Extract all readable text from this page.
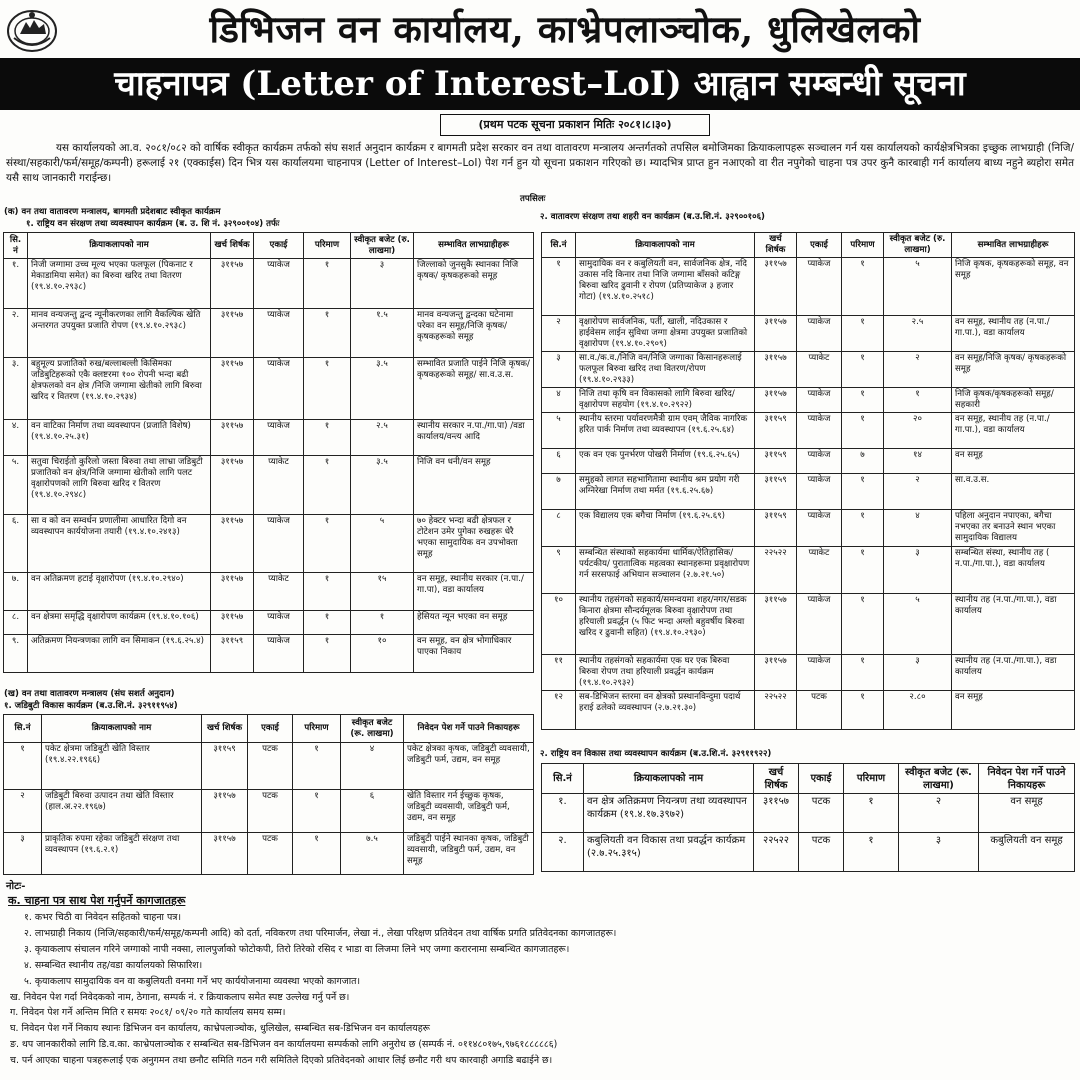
डिभिजन वन कार्यालय, काभ्रेपलाञ्चोक, धुलिखेलको
चाहनापत्र (Letter of Interest–LoI) आह्वान सम्बन्धी सूचना
(प्रथम पटक सूचना प्रकाशन मितिः २०८१।८।३०)
यस कार्यालयको आ.व. २०८१/०८२ को वार्षिक स्वीकृत कार्यक्रम तर्फको संघ सशर्त अनुदान कार्यक्रम र बागमती प्रदेश सरकार वन तथा वातावरण मन्त्रालय अन्तर्गतको तपसिल बमोजिमका क्रियाकलापहरू सञ्चालन गर्न यस कार्यालयको कार्यक्षेत्रभित्रका इच्छुक लाभग्राही (निजि/संस्था/सहकारी/फर्म/समूह/कम्पनी) हरूलाई २१ (एक्काईस) दिन भित्र यस कार्यालयमा चाहनापत्र (Letter of Interest–LoI) पेश गर्न हुन यो सूचना प्रकाशन गरिएको छ। म्यादभित्र प्राप्त हुन नआएको वा रीत नपुगेको चाहना पत्र उपर कुनै कारबाही गर्न कार्यालय बाध्य नहुने ब्यहोरा समेत यसै साथ जानकारी गराईन्छ।
तपसिलः
(क) वन तथा वातावरण मन्त्रालय, बागमती प्रदेशबाट स्वीकृत कार्यक्रम
१. राष्ट्रिय वन संरक्षण तथा व्यवस्थापन कार्यक्रम (ब. उ. शि नं. ३२९००१०४) तर्फः
सि. नं	क्रियाकलापको नाम	खर्च शिर्षक	एकाई	परिमाण	स्वीकृत बजेट (रु. लाखमा)	सम्भावित लाभग्राहीहरू
१.	निजी जग्गामा उच्च मूल्य भएका फलफूल (पिकनाट र मेकाडामिया समेत) का बिरुवा खरिद तथा वितरण (१९.४.१०.२९३८)	३११५७	प्याकेज	१	३	जिल्लाको जुनसुकै स्थानका निजि कृषक/ कृषकहरूको समूह
२.	मानव वन्यजन्तु द्वन्द न्यूनीकरणका लागि वैकल्पिक खेति अन्तरगत उपयुक्त प्रजाति रोपण (१९.४.१०.२९३८)	३११५७	प्याकेज	१	१.५	मानव वन्यजन्तु द्वन्दका घटेनामा परेका वन समूह/निजि कृषक/ कृषकहरूको समूह
३.	बहुमूल्य प्रजातिको रुख/बल्लाबल्ली किसिमका जडिबुटिहरूको एकै क्लष्टरमा १०० रोपनी भन्दा बढी क्षेत्रफलको वन क्षेत्र /निजि जग्गामा खेतीको लागि बिरुवा खरिद र वितरण (१९.४.१०.२९३४)	३११५७	प्याकेज	१	३.५	सम्भावित प्रजाति पाईने निजि कृषक/ कृषकहरूको समूह/ सा.व.उ.स.
४.	वन वाटिका निर्माण तथा व्यवस्थापन (प्रजाति विशेष) (१९.४.१०.२५.३१)	३११५७	प्याकेज	१	२.५	स्थानीय सरकार न.पा./गा.पा) /वडा कार्यालय/वन्त्य आदि
५.	सतुवा चिराईतो कुरिलो जस्ता बिरुवा तथा लाभ्रा जडिबुटी प्रजातिको वन क्षेत्र/निजि जग्गामा खेतीको लागि पलट वृक्षारोपणको लागि बिरुवा खरिद र वितरण (१९.४.१०.२९४८)	३११५७	प्याकेट	१	३.५	निजि वन धनी/वन समूह
६.	सा व को वन सम्वर्धन प्रणालीमा आधारित दिगो वन व्यवस्थापन कार्ययोजना तयारी (१९.४.१०.२४१३)	३११५७	प्याकेज	१	५	७० हेक्टर भन्दा बढी क्षेत्रफल र टोटेशन उमेर पुगेका रुखहरू धेरै भएका सामुदायिक वन उपभोक्ता समूह
७.	वन अतिक्रमण हटाई वृक्षारोपण (१९.४.१०.२९४०)	३११५७	प्याकेट	१	१५	वन समूह, स्थानीय सरकार (न.पा./गा.पा), वडा कार्यालय
८.	वन क्षेत्रमा समृद्धि वृक्षारोपण कार्यक्रम (१९.४.१०.१०६)	३११५७	प्याकेज	१	१	हेसियत न्यून भएका वन समूह
९.	अतिक्रमण नियन्त्रणका लागि वन सिमाकन (१९.६.२५.४)	३११५९	प्याकेज	१	१०	वन समूह, वन क्षेत्र भोगाधिकार पाएका निकाय
(ख) वन तथा वातावरण मन्त्रालय (संघ सशर्त अनुदान)
१. जडिबुटी विकास कार्यक्रम (ब.उ.शि.नं. ३२९११९५४)
सि.नं	क्रियाकलापको नाम	खर्च शिर्षक	एकाई	परिमाण	स्वीकृत बजेट (रू. लाखमा)	निवेदन पेश गर्ने पाउने निकायहरू
१	पकेट क्षेत्रमा जडिबुटी खेति विस्तार (१९.४.२२.१९६६)	३११५९	पटक	१	४	पकेट क्षेत्रका कृषक, जडिबुटी व्यवसायी, जडिबुटी फर्म, उद्यम, वन समूह
२	जडिबुटी बिरुवा उत्पादन तथा खेति विस्तार (हाल.अ.२२.१९६७)	३११५७	पटक	१	६	खेति विस्तार गर्न ईच्छुक कृषक, जडिबुटी व्यवसायी, जडिबुटी फर्म, उद्यम, वन समूह
३	प्राकृतिक रुपमा रहेका जडिबुटी संरक्षण तथा व्यवस्थापन (१९.६.२.१)	३११५७	पटक	१	७.५	जडिबुटी पाईने स्थानका कृषक, जडिबुटी व्यवसायी, जडिबुटी फर्म, उद्यम, वन समूह
२. वातावरण संरक्षण तथा शहरी वन कार्यक्रम (ब.उ.शि.नं. ३२९००१०६)
सि.नं	क्रियाकलापको नाम	खर्च शिर्षक	एकाई	परिमाण	स्वीकृत बजेट (रु. लाखमा)	सम्भावित लाभग्राहीहरू
१	सामुदायिक वन र कबुलियती वन, सार्वजनिक क्षेत्र, नदि उकास नदि किनार तथा निजि जग्गामा बाँसको कटिङ्ग बिरुवा खरिद ढुवानी र रोपण (प्रतिप्याकेज ३ हजार गोटा) (१९.४.१०.२५१८)	३११५७	प्याकेज	१	५	निजि कृषक, कृषकहरूको समूह, वन समूह
२	वृक्षारोपण सार्वजनिक, पर्ती, खाली, नदिउकास र हाईवेसम लाईन सुविधा जग्गा क्षेत्रमा उपयुक्त प्रजातिको वृक्षारोपण (१९.४.१०.२९०९)	३११५७	प्याकेज	१	२.५	वन समूह, स्थानीय तह (न.पा./गा.पा.), वडा कार्यालय
३	सा.व./क.व./निजि वन/निजि जग्गाका किसानहरूलाई फलफूल बिरुवा खरिद तथा वितरण/रोपण (१९.४.१०.२९३३)	३११५७	प्याकेट	१	२	वन समूह/निजि कृषक/ कृषकहरूको समूह
४	निजि तथा कृषि वन विकासको लागि बिरुवा खरिद/वृक्षारोपण सहयोग (१९.४.१०.२९२२)	३११५७	प्याकेज	१	१	निजि कृषक/कृषकहरूको समूह/सहकारी
५	स्थानीय स्तरमा पर्यावरणमैत्री ग्राम एवम् जैविक नागरिक हरित पार्क निर्माण तथा व्यवस्थापन (१९.६.२५.६४)	३११५९	प्याकेज	१	२०	वन समूह, स्थानीय तह (न.पा./गा.पा.), वडा कार्यालय
६	एक वन एक पुनर्भरण पोखरी निर्माण (१९.६.२५.६५)	३११५९	प्याकेज	७	१४	वन समूह
७	समुहको लागत सहभागितामा स्थानीय श्रम प्रयोग गरी अग्निरेखा निर्माण तथा मर्मत (१९.६.२५.६७)	३११५९	प्याकेज	१	२	सा.व.उ.स.
८	एक विद्यालय एक बगैचा निर्माण (१९.६.२५.६९)	३११५९	प्याकेज	१	४	पहिला अनुदान नपाएका, बगैचा नभएका तर बनाउने स्थान भएका सामुदायिक विद्यालय
९	सम्बन्धित संस्थाको सहकार्यमा धार्मिक/ऐतिहासिक/पर्यटकीय/ पुरातात्विक महत्वका स्थानहरूमा प्रवृक्षारोपण गर्न सरसफाई अभियान सञ्चालन (२.७.२१.५०)	२२५२२	प्याकेट	१	३	सम्बन्धित संस्था, स्थानीय तह ( न.पा./गा.पा.), वडा कार्यालय
१०	स्थानीय तहसंगको सहकार्य/समन्वयमा शहर/नगर/सडक किनारा क्षेत्रमा सौन्दर्यमूलक बिरुवा वृक्षारोपण तथा हरियाली प्रवर्द्धन (५ फिट भन्दा अग्लो बहुवर्षीय बिरुवा खरिद र ढुवानी सहित) (१९.४.१०.२९३०)	३११५७	प्याकेज	१	५	स्थानीय तह (न.पा./गा.पा.), वडा कार्यालय
११	स्थानीय तहसंगको सहकार्यमा एक घर एक बिरुवा बिरुवा रोपण तथा हरियाली प्रवर्द्धन कार्यक्रम (१९.४.१०.२९३२)	३११५७	प्याकेज	१	३	स्थानीय तह (न.पा./गा.पा.), वडा कार्यालय
१२	सब-डिभिजन स्तरमा वन क्षेत्रको प्रस्थानविन्दुमा पदार्थ हराई ढलेको व्यवस्थापन (२.७.२१.३०)	२२५२२	पटक	१	२.८०	वन समूह
२. राष्ट्रिय वन विकास तथा व्यवस्थापन कार्यक्रम (ब.उ.शि.नं. ३२९११९२२)
सि.नं	क्रियाकलापको नाम	खर्च शिर्षक	एकाई	परिमाण	स्वीकृत बजेट (रू. लाखमा)	निवेदन पेश गर्ने पाउने निकायहरू
१.	वन क्षेत्र अतिक्रमण नियन्त्रण तथा व्यवस्थापन कार्यक्रम (१९.४.१७.३९७२)	३११५७	पटक	१	२	वन समूह
२.	कबुलियती वन विकास तथा प्रवर्द्धन कार्यक्रम (२.७.२५.३१५)	२२५२२	पटक	१	३	कबुलियती वन समूह
नोटः-
क. चाहना पत्र साथ पेश गर्नुपर्ने कागजातहरू
१. कभर चिठी वा निवेदन सहितको चाहना पत्र।
२. लाभग्राही निकाय (निजि/सहकारी/फर्म/समूह/कम्पनी आदि) को दर्ता, नविकरण तथा परिमार्जन, लेखा नं., लेखा परिक्षण प्रतिवेदन तथा वार्षिक प्रगति प्रतिवेदनका कागजातहरू।
३. कृयाकलाप संचालन गरिने जग्गाको नापी नक्सा, लालपुर्जाको फोटोकपी, तिरो तिरेको रसिद र भाडा वा लिजमा लिने भए जग्गा करारनामा सम्बन्धित कागजातहरू।
४. सम्बन्धित स्थानीय तह/वडा कार्यालयको सिफारिश।
५. कृयाकलाप सामुदायिक वन वा कबुलियती वनमा गर्ने भए कार्ययोजनामा व्यवस्था भएको कागजात।
ख. निवेदन पेश गर्दा निवेदकको नाम, ठेगाना, सम्पर्क नं. र क्रियाकलाप समेत स्पष्ट उल्लेख गर्नु पर्ने छ।
ग. निवेदन पेश गर्ने अन्तिम मिति र समयः २०८१/ ०९/२० गते कार्यालय समय सम्म।
घ. निवेदन पेश गर्ने निकाय स्थानः डिभिजन वन कार्यालय, काभ्रेपलाञ्चोक, धुलिखेल, सम्बन्धित सब-डिभिजन वन कार्यालयहरू
ङ. थप जानकारीको लागि डि.व.का. काभ्रेपलाञ्चोक र सम्बन्धित सब-डिभिजन वन कार्यालयमा सम्पर्कको लागि अनुरोध छ (सम्पर्क नं. ०११४८०१७५,९७६१८८८८८६)
च. पर्न आएका चाहना पत्रहरूलाई एक अनुगमन तथा छनौट समिति गठन गरी समितिले दिएको प्रतिवेदनको आधार लिई छनौट गरी थप कारवाही अगाडि बढाईने छ।
